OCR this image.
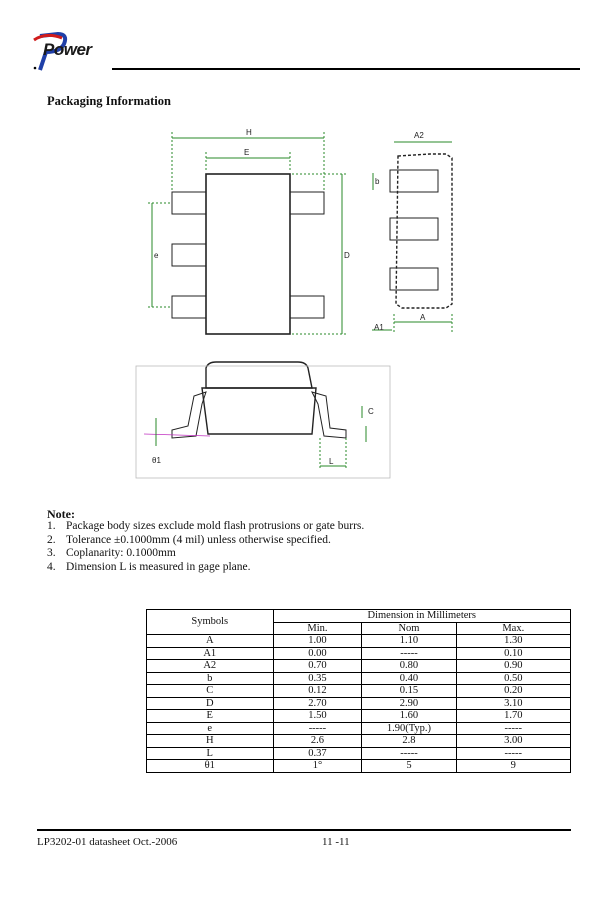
Power
Packaging Information
H
E
e	D
A2
b
A
A1
C
L
θ1
Note:
1. Package body sizes exclude mold flash protrusions or gate burrs.
2. Tolerance ±0.1000mm (4 mil) unless otherwise specified.
3. Coplanarity: 0.1000mm
4. Dimension L is measured in gage plane.
Symbols	Dimension in Millimeters		
	Min.	Nom	Max.
A	1.00	1.10	1.30
A1	0.00	-----	0.10
A2	0.70	0.80	0.90
b	0.35	0.40	0.50
C	0.12	0.15	0.20
D	2.70	2.90	3.10
E	1.50	1.60	1.70
e	-----	1.90(Typ.)	-----
H	2.6	2.8	3.00
L	0.37	-----	-----
θ1	1°	5	9
LP3202-01 datasheet Oct.-2006	11 -11
